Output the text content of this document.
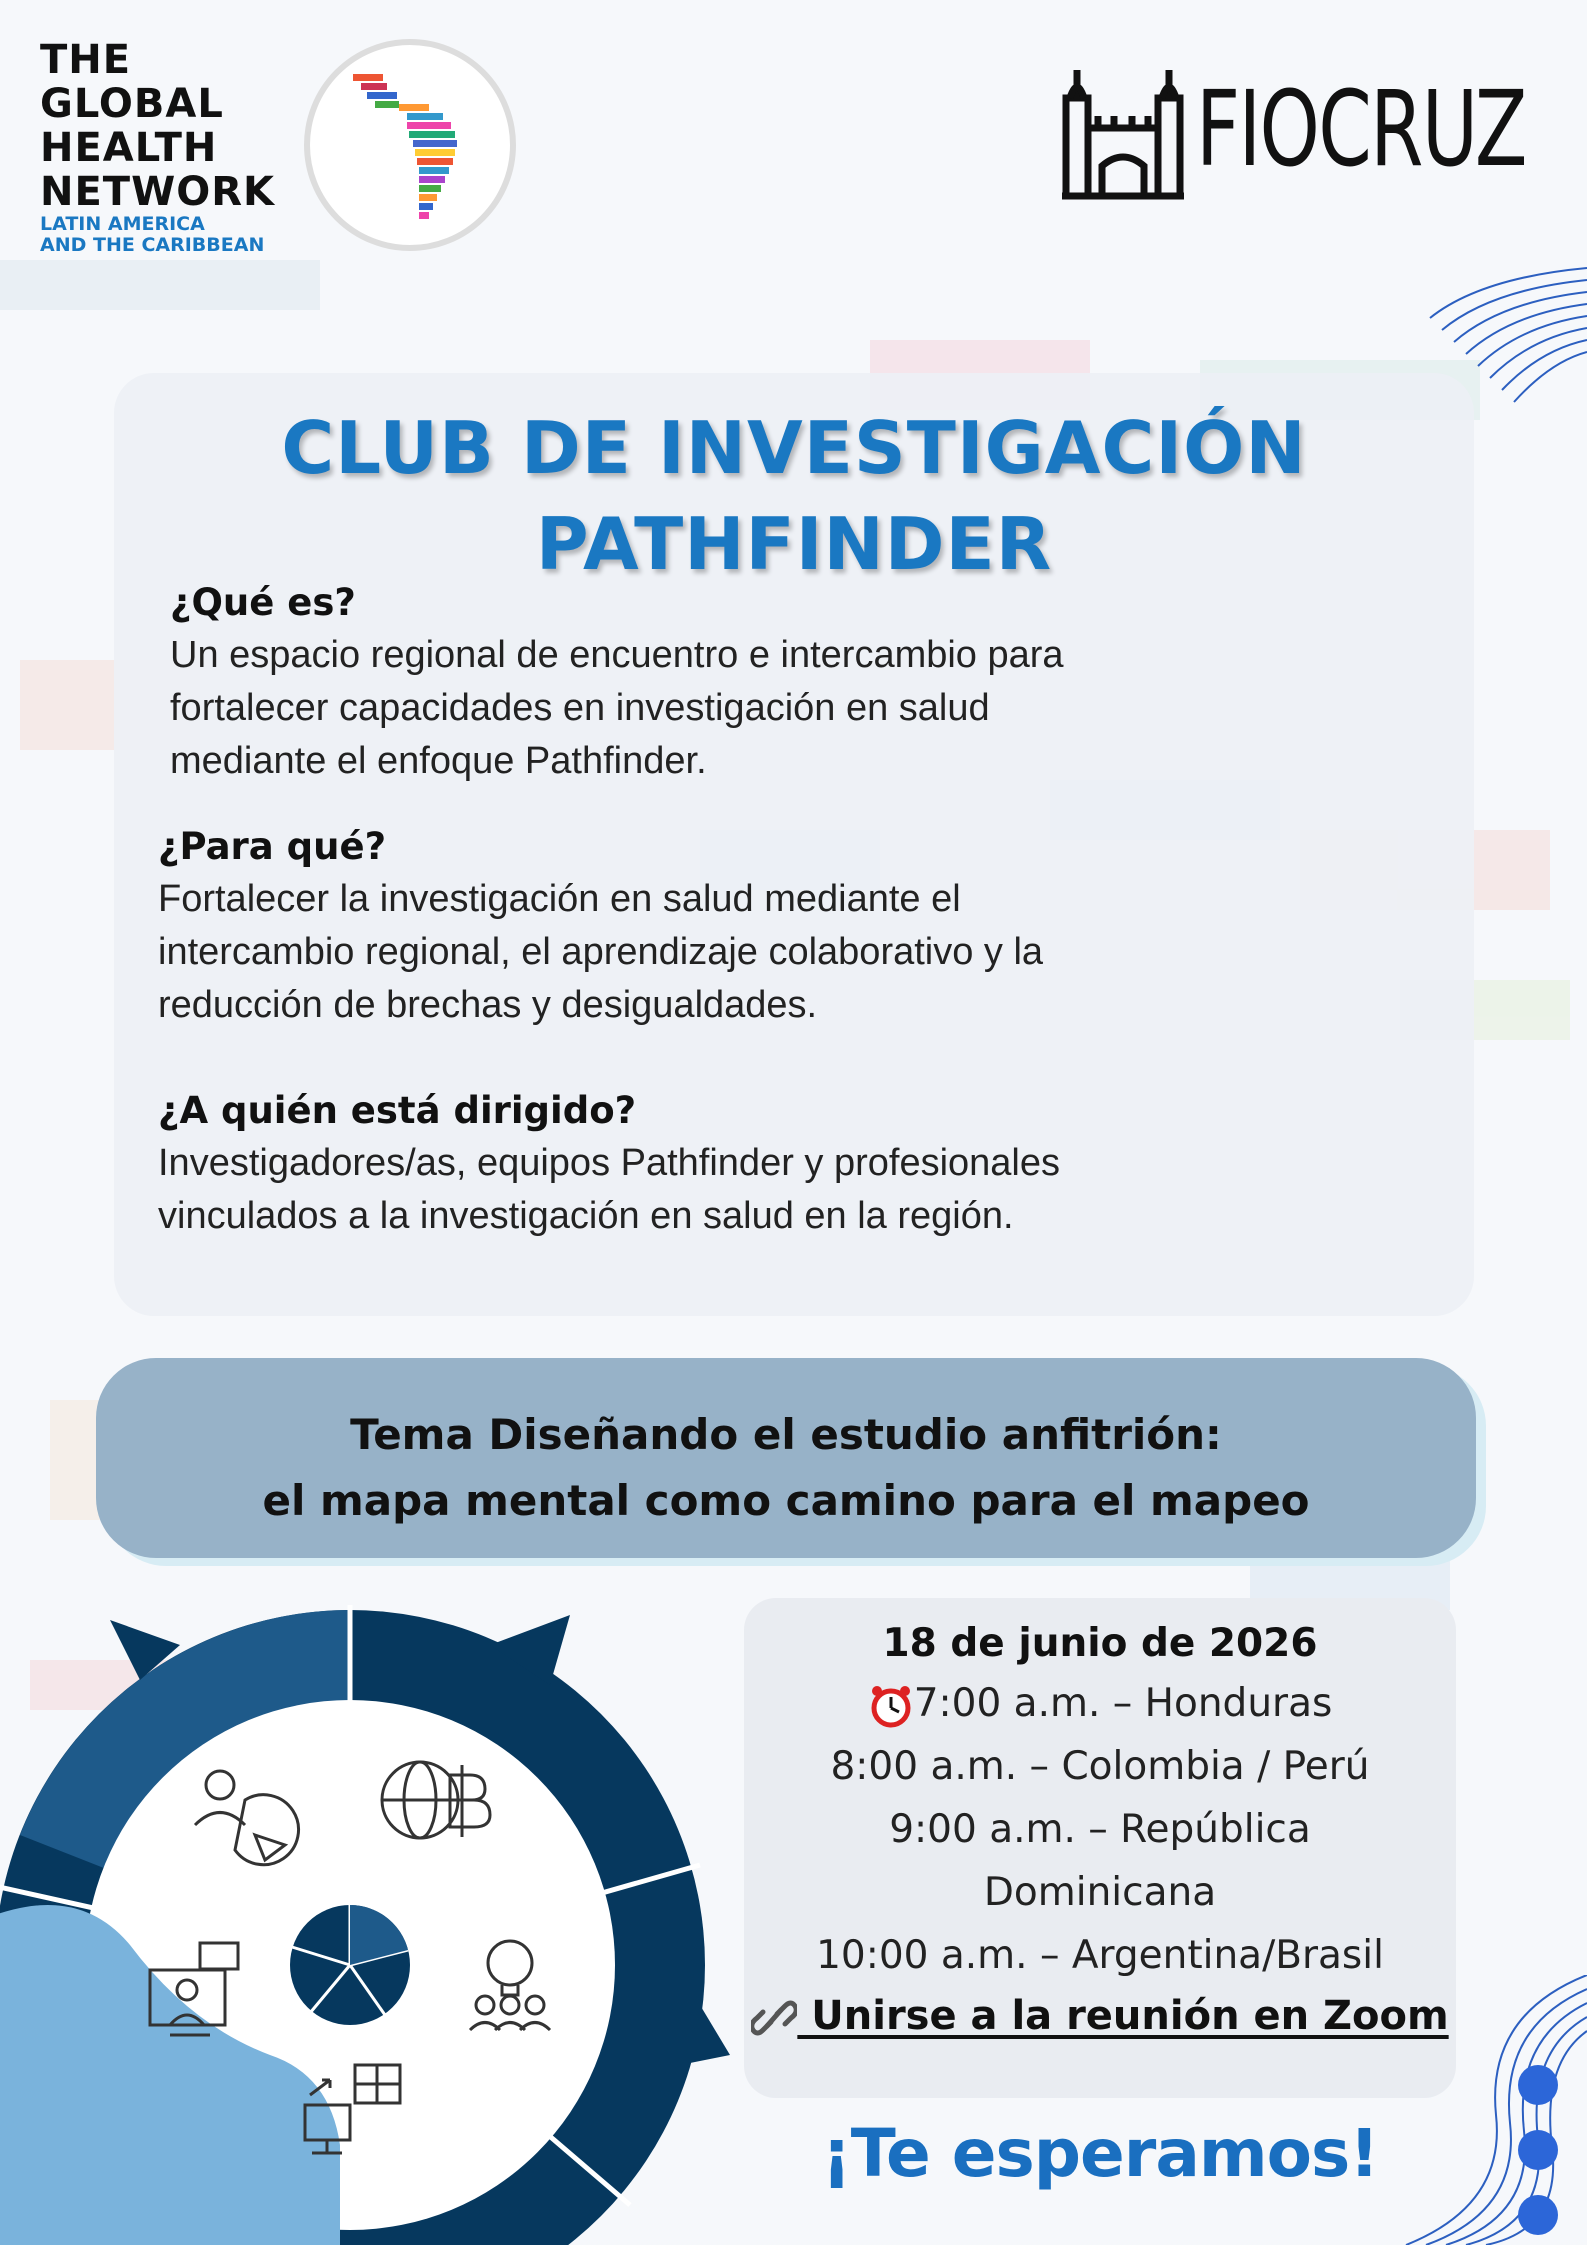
THE
GLOBAL
HEALTH
NETWORK
LATIN AMERICA
AND THE CARIBBEAN
FIOCRUZ
CLUB DE INVESTIGACIÓN
PATHFINDER
¿Qué es?
Un espacio regional de encuentro e intercambio para
fortalecer capacidades en investigación en salud
mediante el enfoque Pathfinder.
¿Para qué?
Fortalecer la investigación en salud mediante el
intercambio regional, el aprendizaje colaborativo y la
reducción de brechas y desigualdades.
¿A quién está dirigido?
Investigadores/as, equipos Pathfinder y profesionales
vinculados a la investigación en salud en la región.
Tema Diseñando el estudio anfitrión:
el mapa mental como camino para el mapeo
18 de junio de 2026
7:00 a.m. – Honduras
8:00 a.m. – Colombia / Perú
9:00 a.m. – República
Dominicana
10:00 a.m. – Argentina/Brasil
Unirse a la reunión en Zoom
¡Te esperamos!
